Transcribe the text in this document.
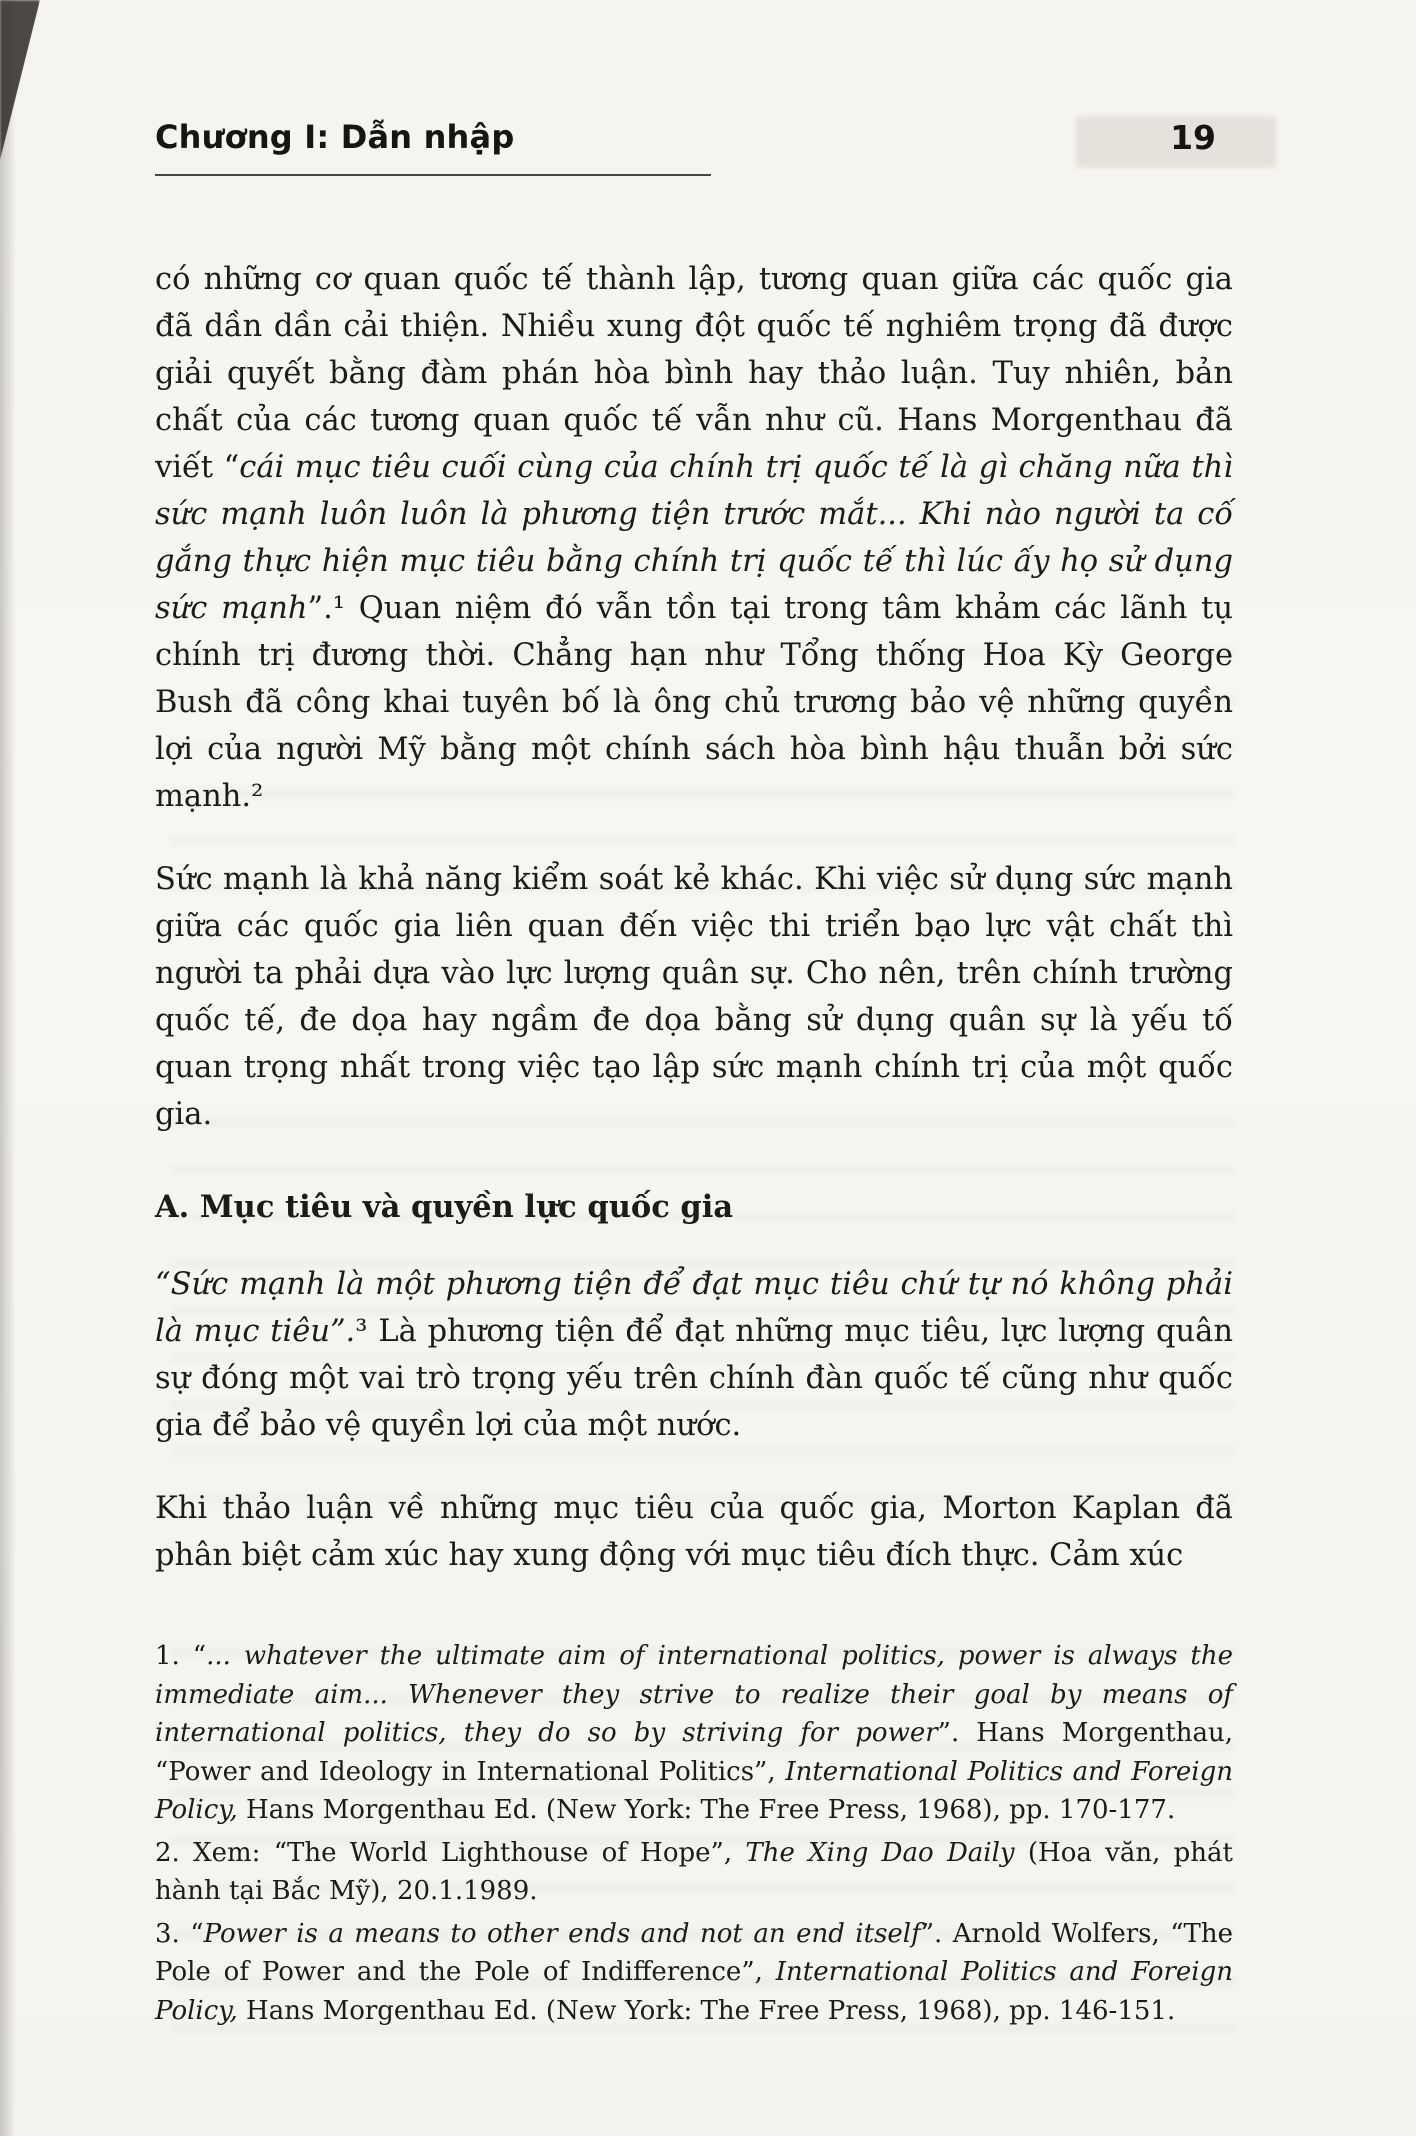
Chương I: Dẫn nhập	19

có những cơ quan quốc tế thành lập, tương quan giữa các quốc gia đã dần dần cải thiện. Nhiều xung đột quốc tế nghiêm trọng đã được giải quyết bằng đàm phán hòa bình hay thảo luận. Tuy nhiên, bản chất của các tương quan quốc tế vẫn như cũ. Hans Morgenthau đã viết “cái mục tiêu cuối cùng của chính trị quốc tế là gì chăng nữa thì sức mạnh luôn luôn là phương tiện trước mắt... Khi nào người ta cố gắng thực hiện mục tiêu bằng chính trị quốc tế thì lúc ấy họ sử dụng sức mạnh”.¹ Quan niệm đó vẫn tồn tại trong tâm khảm các lãnh tụ chính trị đương thời. Chẳng hạn như Tổng thống Hoa Kỳ George Bush đã công khai tuyên bố là ông chủ trương bảo vệ những quyền lợi của người Mỹ bằng một chính sách hòa bình hậu thuẫn bởi sức mạnh.²

Sức mạnh là khả năng kiểm soát kẻ khác. Khi việc sử dụng sức mạnh giữa các quốc gia liên quan đến việc thi triển bạo lực vật chất thì người ta phải dựa vào lực lượng quân sự. Cho nên, trên chính trường quốc tế, đe dọa hay ngầm đe dọa bằng sử dụng quân sự là yếu tố quan trọng nhất trong việc tạo lập sức mạnh chính trị của một quốc gia.

A. Mục tiêu và quyền lực quốc gia

“Sức mạnh là một phương tiện để đạt mục tiêu chứ tự nó không phải là mục tiêu”.³ Là phương tiện để đạt những mục tiêu, lực lượng quân sự đóng một vai trò trọng yếu trên chính đàn quốc tế cũng như quốc gia để bảo vệ quyền lợi của một nước.

Khi thảo luận về những mục tiêu của quốc gia, Morton Kaplan đã phân biệt cảm xúc hay xung động với mục tiêu đích thực. Cảm xúc

1. “... whatever the ultimate aim of international politics, power is always the immediate aim... Whenever they strive to realize their goal by means of international politics, they do so by striving for power”. Hans Morgenthau, “Power and Ideology in International Politics”, International Politics and Foreign Policy, Hans Morgenthau Ed. (New York: The Free Press, 1968), pp. 170-177.

2. Xem: “The World Lighthouse of Hope”, The Xing Dao Daily (Hoa văn, phát hành tại Bắc Mỹ), 20.1.1989.

3. “Power is a means to other ends and not an end itself”. Arnold Wolfers, “The Pole of Power and the Pole of Indifference”, International Politics and Foreign Policy, Hans Morgenthau Ed. (New York: The Free Press, 1968), pp. 146-151.
